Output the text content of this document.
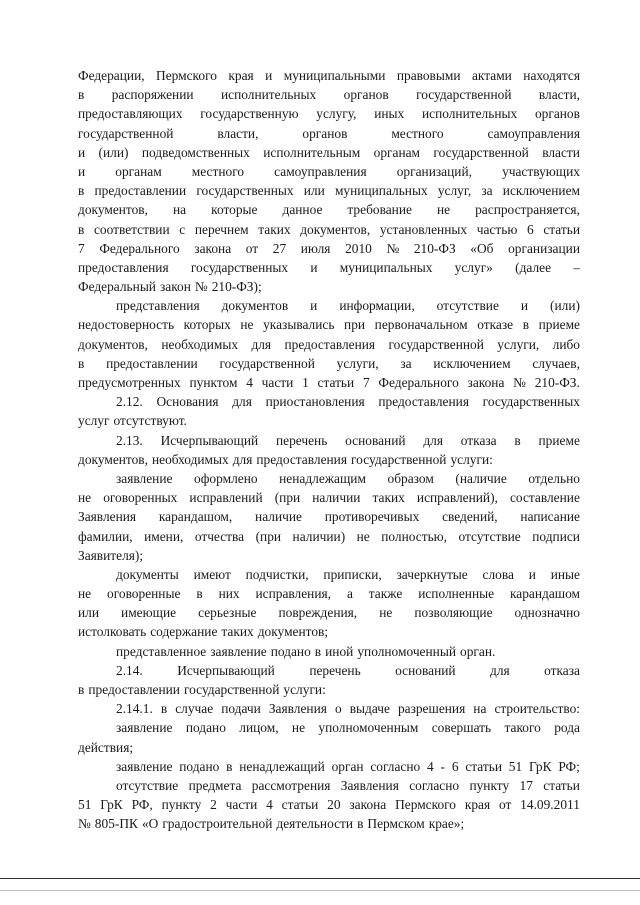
Федерации, Пермского края и муниципальными правовыми актами находятся
в распоряжении исполнительных органов государственной власти,
предоставляющих государственную услугу, иных исполнительных органов
государственной	власти,	органов	местного	самоуправления
и (или) подведомственных исполнительным органам государственной власти
и органам местного самоуправления организаций, участвующих
в предоставлении государственных или муниципальных услуг, за исключением
документов, на которые данное требование не распространяется,
в соответствии с перечнем таких документов, установленных частью 6 статьи
7 Федерального закона от 27 июля 2010 № 210-ФЗ «Об организации
предоставления государственных и муниципальных услуг» (далее –
Федеральный закон № 210-ФЗ);
представления документов и информации, отсутствие и (или)
недостоверность которых не указывались при первоначальном отказе в приеме
документов, необходимых для предоставления государственной услуги, либо
в предоставлении государственной услуги, за исключением случаев,
предусмотренных пунктом 4 части 1 статьи 7 Федерального закона № 210-ФЗ.
2.12. Основания для приостановления предоставления государственных
услуг отсутствуют.
2.13. Исчерпывающий перечень оснований для отказа в приеме
документов, необходимых для предоставления государственной услуги:
заявление оформлено ненадлежащим образом (наличие отдельно
не оговоренных исправлений (при наличии таких исправлений), составление
Заявления карандашом, наличие противоречивых сведений, написание
фамилии, имени, отчества (при наличии) не полностью, отсутствие подписи
Заявителя);
документы имеют подчистки, приписки, зачеркнутые слова и иные
не оговоренные в них исправления, а также исполненные карандашом
или имеющие серьезные повреждения, не позволяющие однозначно
истолковать содержание таких документов;
представленное заявление подано в иной уполномоченный орган.
2.14.	Исчерпывающий	перечень	оснований	для	отказа
в предоставлении государственной услуги:
2.14.1. в случае подачи Заявления о выдаче разрешения на строительство:
заявление подано лицом, не уполномоченным совершать такого рода
действия;
заявление подано в ненадлежащий орган согласно 4 - 6 статьи 51 ГрК РФ;
отсутствие предмета рассмотрения Заявления согласно пункту 17 статьи
51 ГрК РФ, пункту 2 части 4 статьи 20 закона Пермского края от 14.09.2011
№ 805-ПК «О градостроительной деятельности в Пермском крае»;
